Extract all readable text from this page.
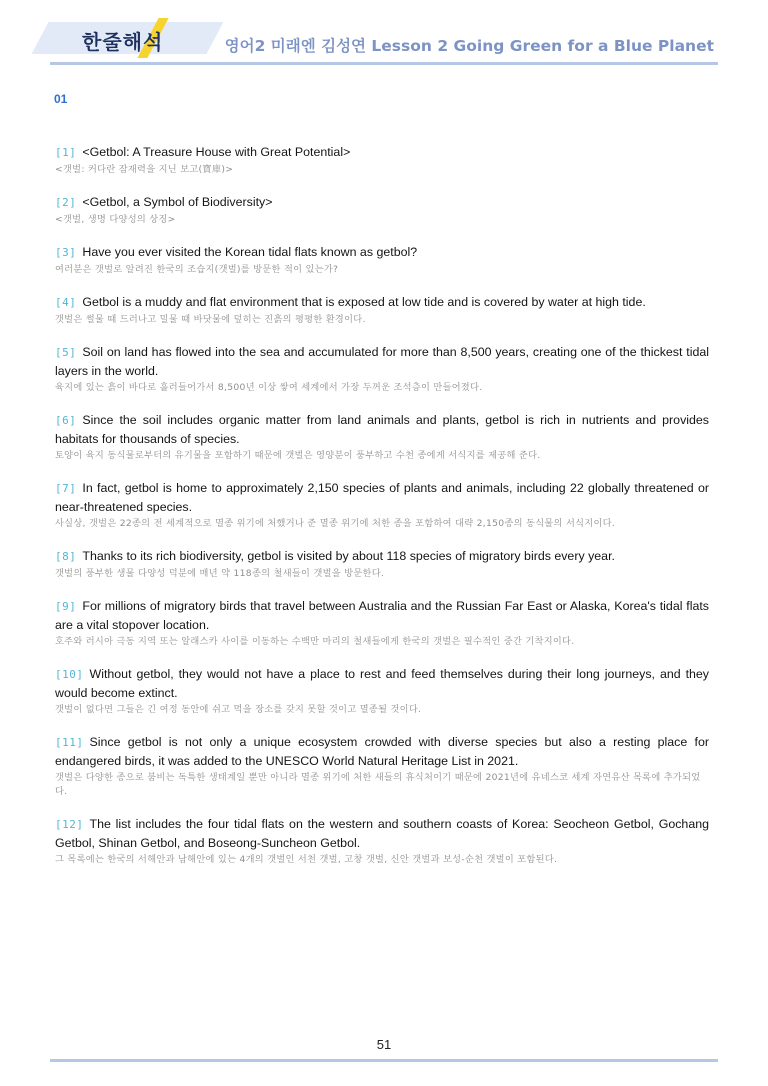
한줄해석	영어2 미래엔 김성연 Lesson 2 Going Green for a Blue Planet
01
[1] <Getbol: A Treasure House with Great Potential>
<갯벌: 커다란 잠재력을 지닌 보고(寶庫)>
[2] <Getbol, a Symbol of Biodiversity>
<갯벌, 생명 다양성의 상징>
[3] Have you ever visited the Korean tidal flats known as getbol?
여러분은 갯벌로 알려진 한국의 조습지(갯벌)를 방문한 적이 있는가?
[4] Getbol is a muddy and flat environment that is exposed at low tide and is covered by water at high tide.
갯벌은 썰물 때 드러나고 밀물 때 바닷물에 덮히는 진흙의 평평한 환경이다.
[5] Soil on land has flowed into the sea and accumulated for more than 8,500 years, creating one of the thickest tidal layers in the world.
육지에 있는 흙이 바다로 흘러들어가서 8,500년 이상 쌓여 세계에서 가장 두꺼운 조석층이 만들어졌다.
[6] Since the soil includes organic matter from land animals and plants, getbol is rich in nutrients and provides habitats for thousands of species.
토양이 육지 동식물로부터의 유기물을 포함하기 때문에 갯벌은 영양분이 풍부하고 수천 종에게 서식지를 제공해 준다.
[7] In fact, getbol is home to approximately 2,150 species of plants and animals, including 22 globally threatened or near-threatened species.
사실상, 갯벌은 22종의 전 세계적으로 멸종 위기에 처했거나 준 멸종 위기에 처한 종을 포함하여 대략 2,150종의 동식물의 서식지이다.
[8] Thanks to its rich biodiversity, getbol is visited by about 118 species of migratory birds every year.
갯벌의 풍부한 생물 다양성 덕분에 매년 약 118종의 철새들이 갯벌을 방문한다.
[9] For millions of migratory birds that travel between Australia and the Russian Far East or Alaska, Korea's tidal flats are a vital stopover location.
호주와 러시아 극동 지역 또는 알래스카 사이를 이동하는 수백만 마리의 철새들에게 한국의 갯벌은 필수적인 중간 기착지이다.
[10] Without getbol, they would not have a place to rest and feed themselves during their long journeys, and they would become extinct.
갯벌이 없다면 그들은 긴 여정 동안에 쉬고 먹을 장소를 갖지 못할 것이고 멸종될 것이다.
[11] Since getbol is not only a unique ecosystem crowded with diverse species but also a resting place for endangered birds, it was added to the UNESCO World Natural Heritage List in 2021.
갯벌은 다양한 종으로 붐비는 독특한 생태계일 뿐만 아니라 멸종 위기에 처한 새들의 휴식처이기 때문에 2021년에 유네스코 세계 자연유산 목록에 추가되었다.
[12] The list includes the four tidal flats on the western and southern coasts of Korea: Seocheon Getbol, Gochang Getbol, Shinan Getbol, and Boseong-Suncheon Getbol.
그 목록에는 한국의 서해안과 남해안에 있는 4개의 갯벌인 서천 갯벌, 고창 갯벌, 신안 갯벌과 보성-순천 갯벌이 포함된다.
51
